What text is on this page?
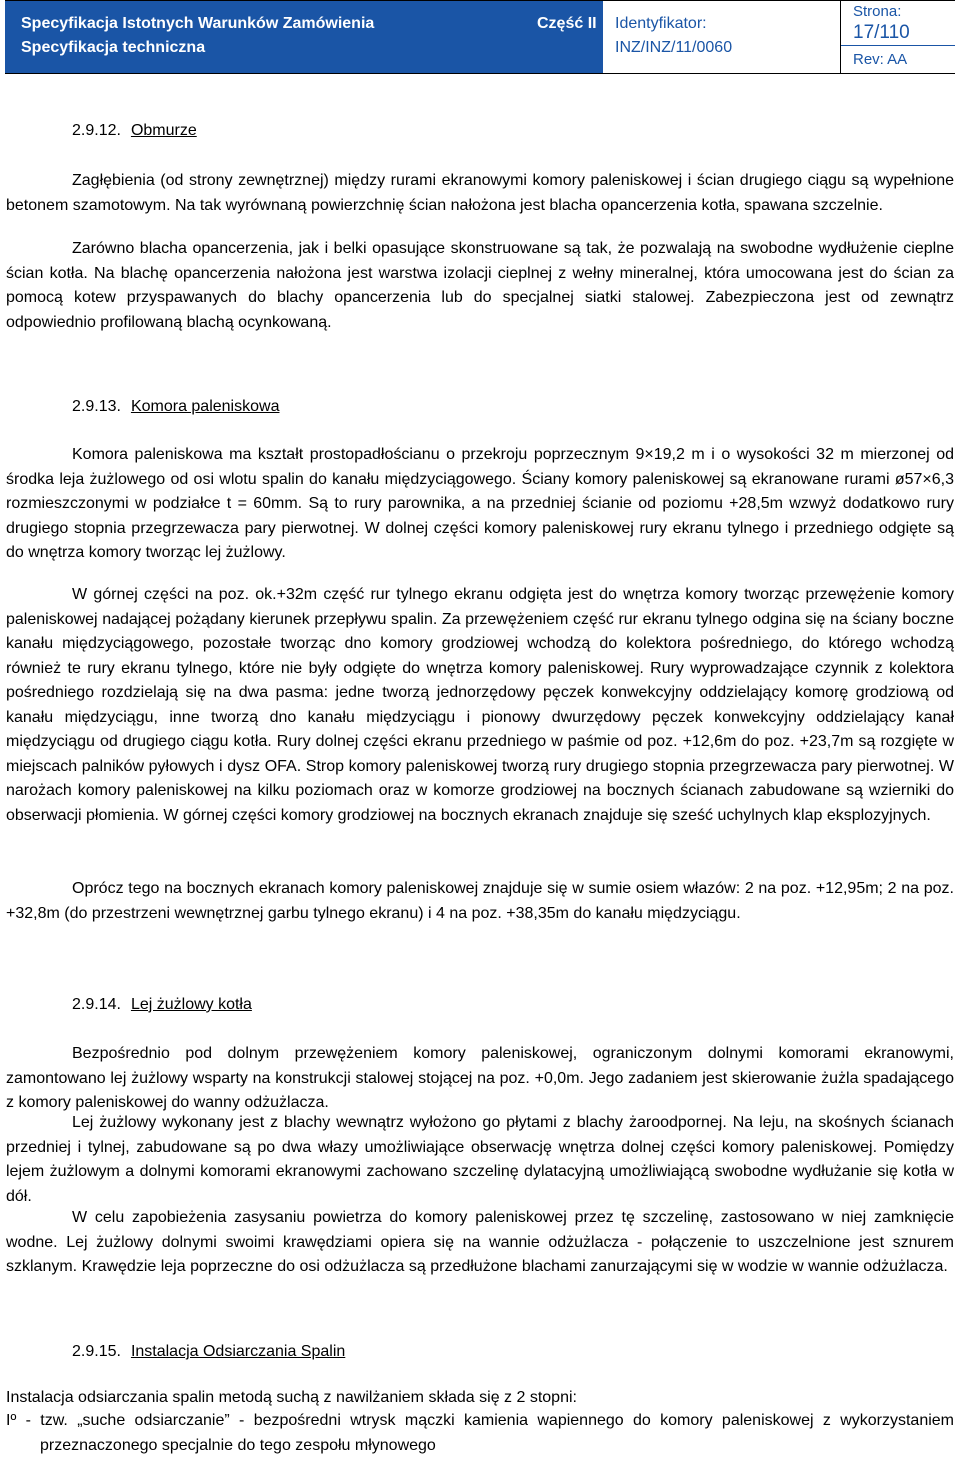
Specyfikacja Istotnych Warunków Zamówienia
Specyfikacja techniczna
Część II Identyfikator:
INZ/INZ/11/0060
Strona:
17/110
Rev: AA
2.9.12. Obmurze

Zagłębienia (od strony zewnętrznej) między rurami ekranowymi komory paleniskowej i ścian drugiego ciągu są wypełnione betonem szamotowym. Na tak wyrównaną powierzchnię ścian nałożona jest blacha opancerzenia kotła, spawana szczelnie.

Zarówno blacha opancerzenia, jak i belki opasujące skonstruowane są tak, że pozwalają na swobodne wydłużenie cieplne ścian kotła. Na blachę opancerzenia nałożona jest warstwa izolacji cieplnej z wełny mineralnej, która umocowana jest do ścian za pomocą kotew przyspawanych do blachy opancerzenia lub do specjalnej siatki stalowej. Zabezpieczona jest od zewnątrz odpowiednio profilowaną blachą ocynkowaną.

2.9.13. Komora paleniskowa

Komora paleniskowa ma kształt prostopadłościanu o przekroju poprzecznym 9×19,2 m i o wysokości 32 m mierzonej od środka leja żużlowego od osi wlotu spalin do kanału międzyciągowego. Ściany komory paleniskowej są ekranowane rurami ø57×6,3 rozmieszczonymi w podziałce t = 60mm. Są to rury parownika, a na przedniej ścianie od poziomu +28,5m wzwyż dodatkowo rury drugiego stopnia przegrzewacza pary pierwotnej. W dolnej części komory paleniskowej rury ekranu tylnego i przedniego odgięte są do wnętrza komory tworząc lej żużlowy.

W górnej części na poz. ok.+32m część rur tylnego ekranu odgięta jest do wnętrza komory tworząc przewężenie komory paleniskowej nadającej pożądany kierunek przepływu spalin. Za przewężeniem część rur ekranu tylnego odgina się na ściany boczne kanału międzyciągowego, pozostałe tworząc dno komory grodziowej wchodzą do kolektora pośredniego, do którego wchodzą również te rury ekranu tylnego, które nie były odgięte do wnętrza komory paleniskowej. Rury wyprowadzające czynnik z kolektora pośredniego rozdzielają się na dwa pasma: jedne tworzą jednorzędowy pęczek konwekcyjny oddzielający komorę grodziową od kanału międzyciągu, inne tworzą dno kanału międzyciągu i pionowy dwurzędowy pęczek konwekcyjny oddzielający kanał międzyciągu od drugiego ciągu kotła. Rury dolnej części ekranu przedniego w paśmie od poz. +12,6m do poz. +23,7m są rozgięte w miejscach palników pyłowych i dysz OFA. Strop komory paleniskowej tworzą rury drugiego stopnia przegrzewacza pary pierwotnej. W narożach komory paleniskowej na kilku poziomach oraz w komorze grodziowej na bocznych ścianach zabudowane są wzierniki do obserwacji płomienia. W górnej części komory grodziowej na bocznych ekranach znajduje się sześć uchylnych klap eksplozyjnych.

Oprócz tego na bocznych ekranach komory paleniskowej znajduje się w sumie osiem włazów: 2 na poz. +12,95m; 2 na poz. +32,8m (do przestrzeni wewnętrznej garbu tylnego ekranu) i 4 na poz. +38,35m do kanału międzyciągu.

2.9.14. Lej żużlowy kotła

Bezpośrednio pod dolnym przewężeniem komory paleniskowej, ograniczonym dolnymi komorami ekranowymi, zamontowano lej żużlowy wsparty na konstrukcji stalowej stojącej na poz. +0,0m. Jego zadaniem jest skierowanie żużla spadającego z komory paleniskowej do wanny odżużlacza.

Lej żużlowy wykonany jest z blachy wewnątrz wyłożono go płytami z blachy żaroodpornej. Na leju, na skośnych ścianach przedniej i tylnej, zabudowane są po dwa włazy umożliwiające obserwację wnętrza dolnej części komory paleniskowej. Pomiędzy lejem żużlowym a dolnymi komorami ekranowymi zachowano szczelinę dylatacyjną umożliwiającą swobodne wydłużanie się kotła w dół.

W celu zapobieżenia zasysaniu powietrza do komory paleniskowej przez tę szczelinę, zastosowano w niej zamknięcie wodne. Lej żużlowy dolnymi swoimi krawędziami opiera się na wannie odżużlacza - połączenie to uszczelnione jest sznurem szklanym. Krawędzie leja poprzeczne do osi odżużlacza są przedłużone blachami zanurzającymi się w wodzie w wannie odżużlacza.

2.9.15. Instalacja Odsiarczania Spalin

Instalacja odsiarczania spalin metodą suchą z nawilżaniem składa się z 2 stopni:

Iº - tzw. „suche odsiarczanie” - bezpośredni wtrysk mączki kamienia wapiennego do komory paleniskowej z wykorzystaniem przeznaczonego specjalnie do tego zespołu młynowego
